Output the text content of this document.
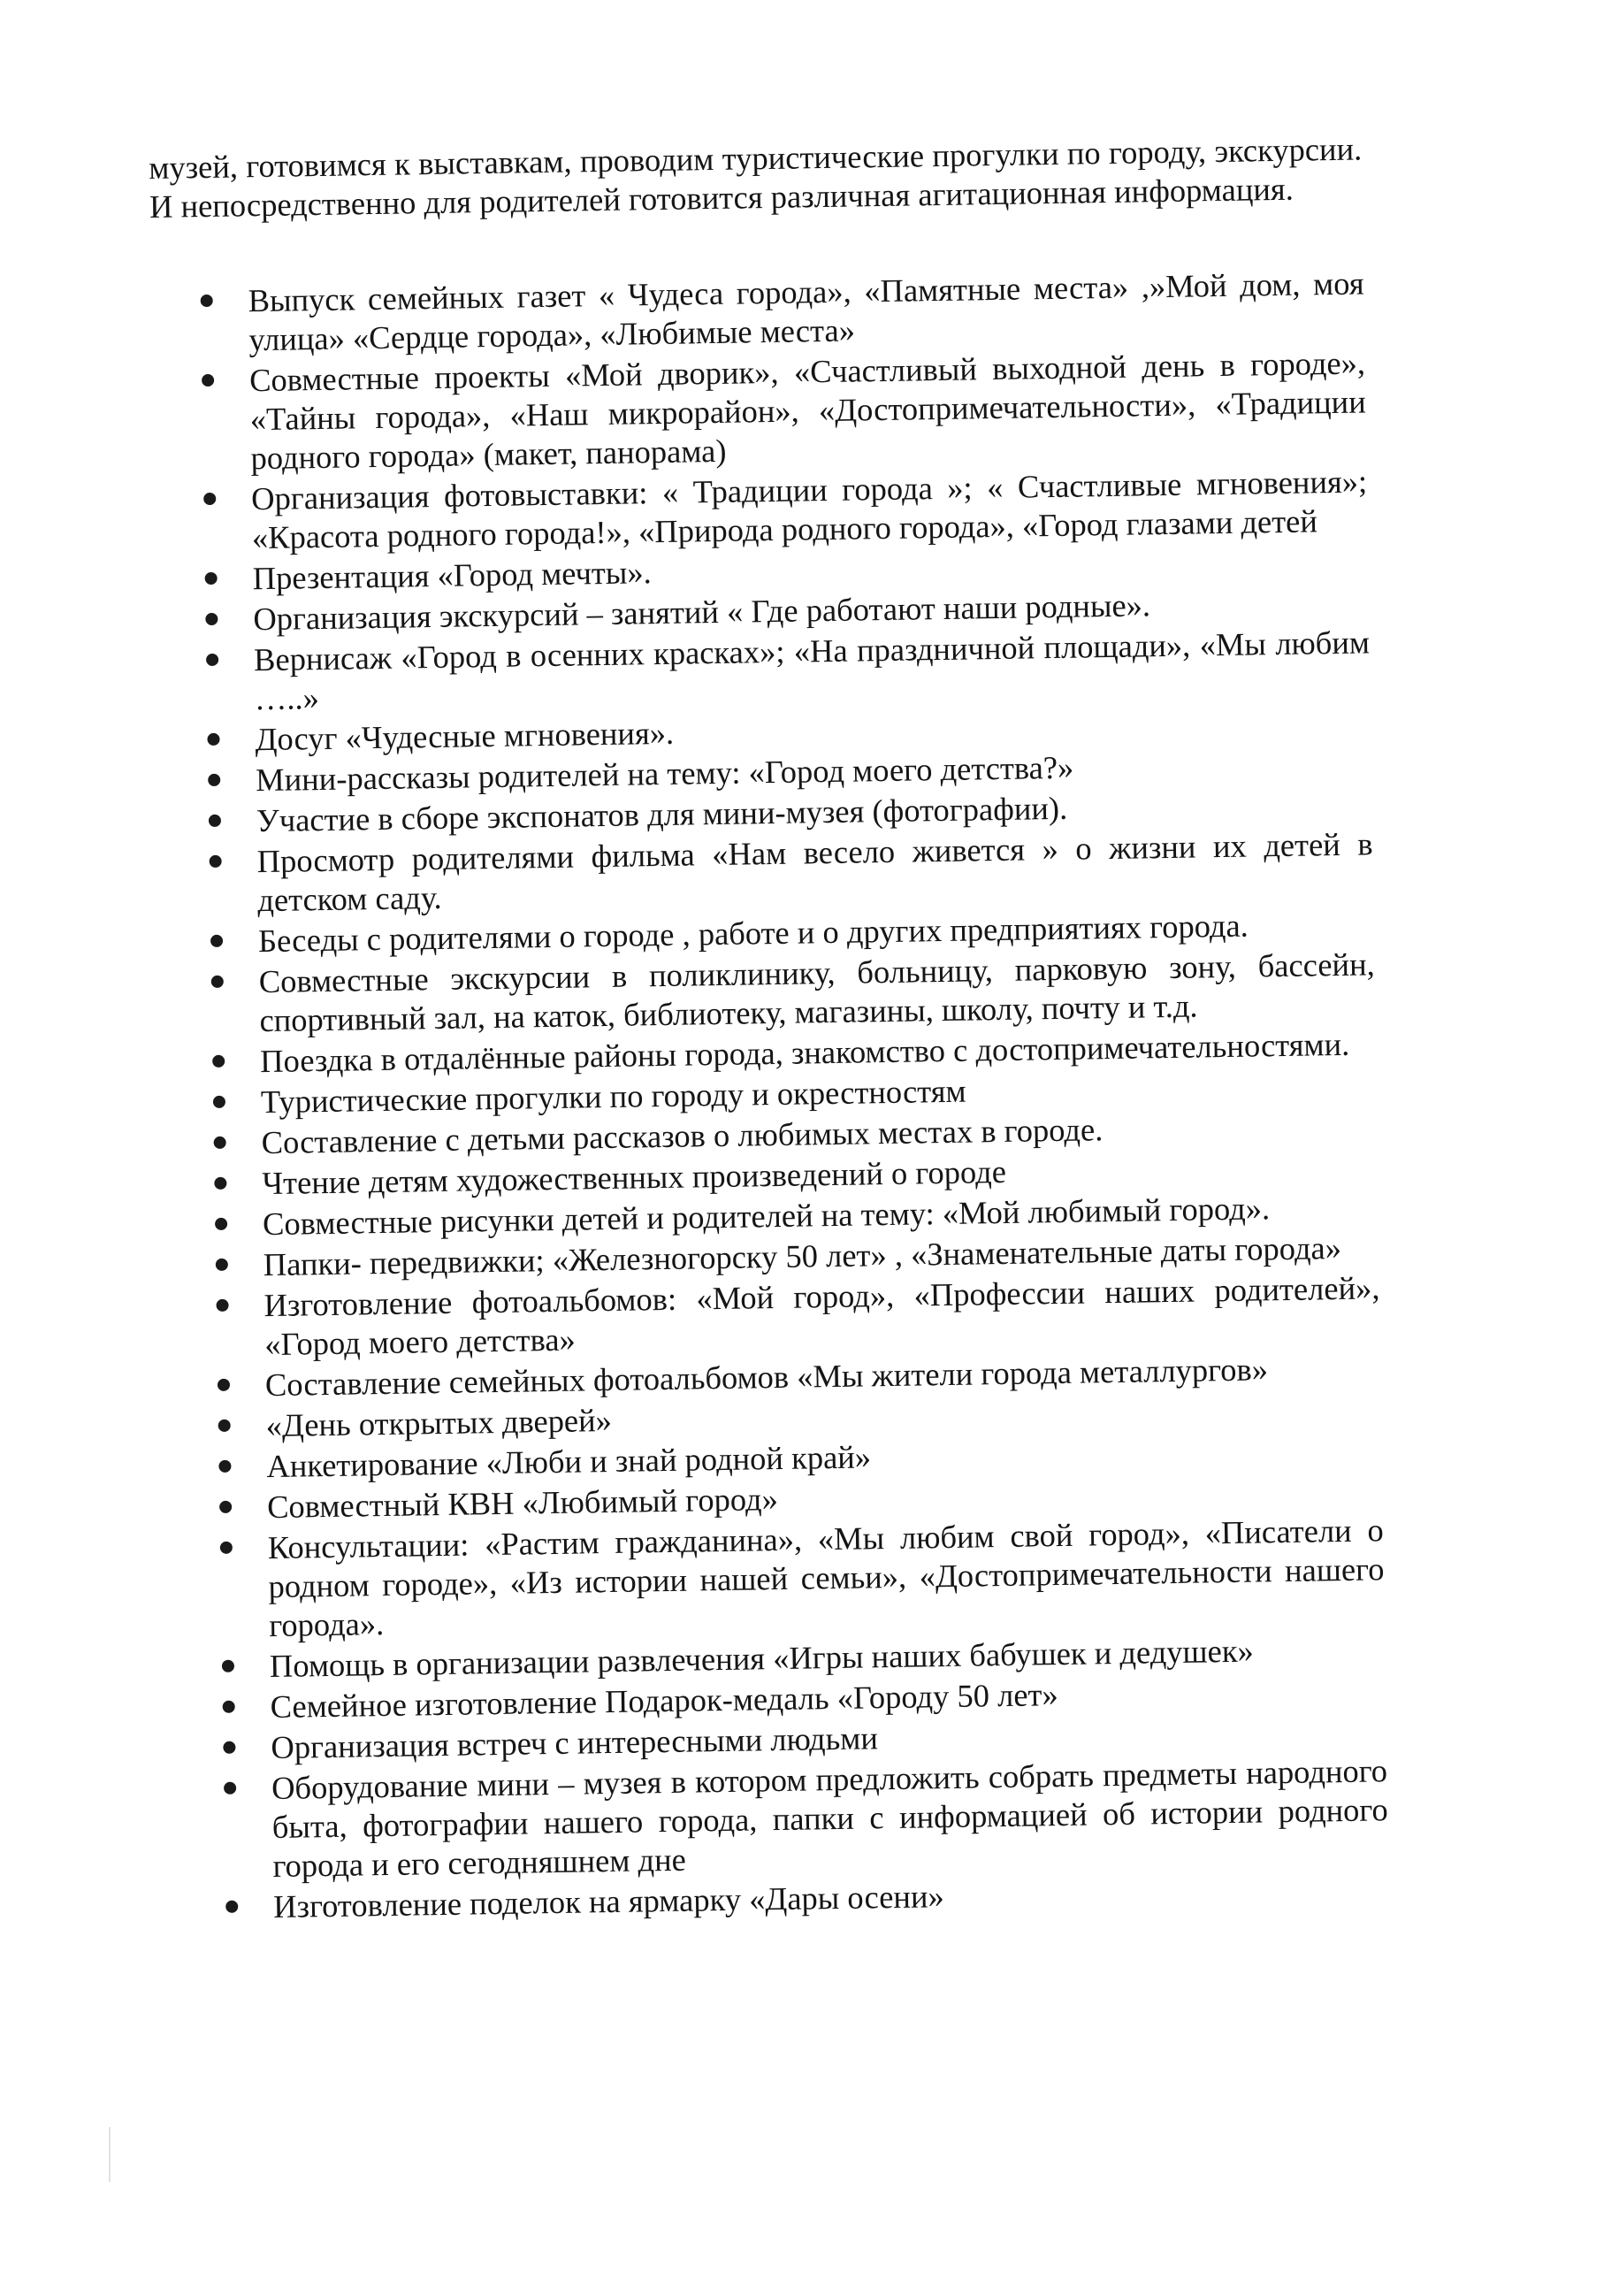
музей, готовимся к выставкам, проводим туристические прогулки по городу, экскурсии. И непосредственно для родителей готовится различная агитационная информация.

Выпуск семейных газет « Чудеса города», «Памятные места» ,»Мой дом, моя улица» «Сердце города», «Любимые места»
Совместные проекты «Мой дворик», «Счастливый выходной день в городе», «Тайны города», «Наш микрорайон», «Достопримечательности», «Традиции родного города» (макет, панорама)
Организация фотовыставки: « Традиции города »; « Счастливые мгновения»; «Красота родного города!», «Природа родного города», «Город глазами детей
Презентация «Город мечты».
Организация экскурсий – занятий « Где работают наши родные».
Вернисаж «Город в осенних красках»; «На праздничной площади», «Мы любим …..»
Досуг «Чудесные мгновения».
Мини-рассказы родителей на тему: «Город моего детства?»
Участие в сборе экспонатов для мини-музея (фотографии).
Просмотр родителями фильма «Нам весело живется » о жизни их детей в детском саду.
Беседы с родителями о городе , работе и о других предприятиях города.
Совместные экскурсии в поликлинику, больницу, парковую зону, бассейн, спортивный зал, на каток, библиотеку, магазины, школу, почту и т.д.
Поездка в отдалённые районы города, знакомство с достопримечательностями.
Туристические прогулки по городу и окрестностям
Составление с детьми рассказов о любимых местах в городе.
Чтение детям художественных произведений о городе
Совместные рисунки детей и родителей на тему: «Мой любимый город».
Папки- передвижки; «Железногорску 50 лет» , «Знаменательные даты города»
Изготовление фотоальбомов: «Мой город», «Профессии наших родителей», «Город моего детства»
Составление семейных фотоальбомов «Мы жители города металлургов»
«День открытых дверей»
Анкетирование «Люби и знай родной край»
Совместный КВН «Любимый город»
Консультации: «Растим гражданина», «Мы любим свой город», «Писатели о родном городе», «Из истории нашей семьи», «Достопримечательности нашего города».
Помощь в организации развлечения «Игры наших бабушек и дедушек»
Семейное изготовление Подарок-медаль «Городу 50 лет»
Организация встреч с интересными людьми
Оборудование мини – музея в котором предложить собрать предметы народного быта, фотографии нашего города, папки с информацией об истории родного города и его сегодняшнем дне
Изготовление поделок на ярмарку «Дары осени»
